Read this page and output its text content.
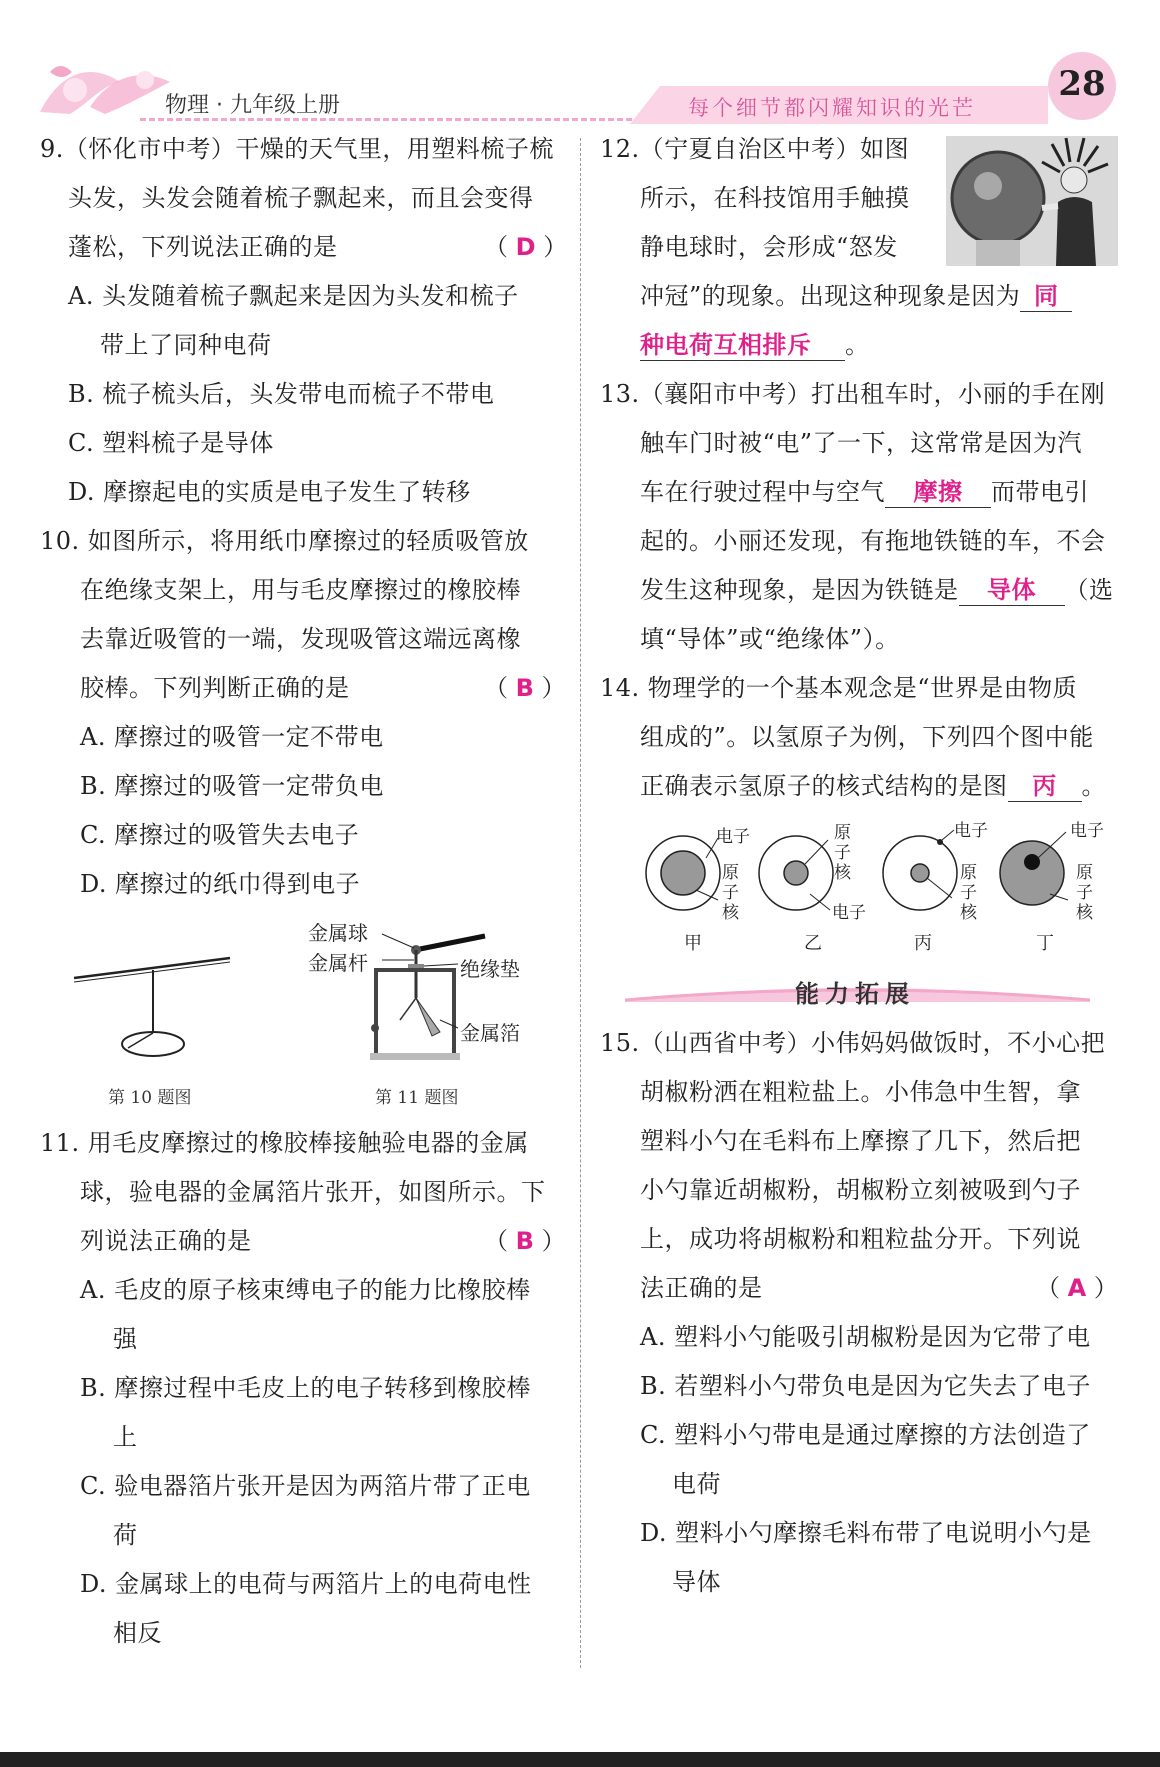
物理 · 九年级上册	每个细节都闪耀知识的光芒
28
9.（怀化市中考）干燥的天气里，用塑料梳子梳
头发，头发会随着梳子飘起来，而且会变得
蓬松，下列说法正确的是	（ D ）
A. 头发随着梳子飘起来是因为头发和梳子
带上了同种电荷
B. 梳子梳头后，头发带电而梳子不带电
C. 塑料梳子是导体
D. 摩擦起电的实质是电子发生了转移
10. 如图所示，将用纸巾摩擦过的轻质吸管放
在绝缘支架上，用与毛皮摩擦过的橡胶棒
去靠近吸管的一端，发现吸管这端远离橡
胶棒。下列判断正确的是	（ B ）
A. 摩擦过的吸管一定不带电
B. 摩擦过的吸管一定带负电
C. 摩擦过的吸管失去电子
D. 摩擦过的纸巾得到电子
第 10 题图
金属球
金属杆	绝缘垫
金属箔
第 11 题图
11. 用毛皮摩擦过的橡胶棒接触验电器的金属
球，验电器的金属箔片张开，如图所示。下
列说法正确的是	（ B ）
A. 毛皮的原子核束缚电子的能力比橡胶棒
强
B. 摩擦过程中毛皮上的电子转移到橡胶棒
上
C. 验电器箔片张开是因为两箔片带了正电
荷
D. 金属球上的电荷与两箔片上的电荷电性
相反
12.（宁夏自治区中考）如图
所示，在科技馆用手触摸
静电球时，会形成“怒发
冲冠”的现象。出现这种现象是因为 同
种电荷互相排斥 。
13.（襄阳市中考）打出租车时，小丽的手在刚
触车门时被“电”了一下，这常常是因为汽
车在行驶过程中与空气 摩擦 而带电引
起的。小丽还发现，有拖地铁链的车，不会
发生这种现象，是因为铁链是 导体 （选
填“导体”或“绝缘体”）。
14. 物理学的一个基本观念是“世界是由物质
组成的”。以氢原子为例，下列四个图中能
正确表示氢原子的核式结构的是图 丙 。
电子
原
子
核
原
子
核
电子
电子
原
子
核
电子
原
子
核
甲	乙	丙	丁
能力拓展
15.（山西省中考）小伟妈妈做饭时，不小心把
胡椒粉洒在粗粒盐上。小伟急中生智，拿
塑料小勺在毛料布上摩擦了几下，然后把
小勺靠近胡椒粉，胡椒粉立刻被吸到勺子
上，成功将胡椒粉和粗粒盐分开。下列说
法正确的是	（ A ）
A. 塑料小勺能吸引胡椒粉是因为它带了电
B. 若塑料小勺带负电是因为它失去了电子
C. 塑料小勺带电是通过摩擦的方法创造了
电荷
D. 塑料小勺摩擦毛料布带了电说明小勺是
导体
